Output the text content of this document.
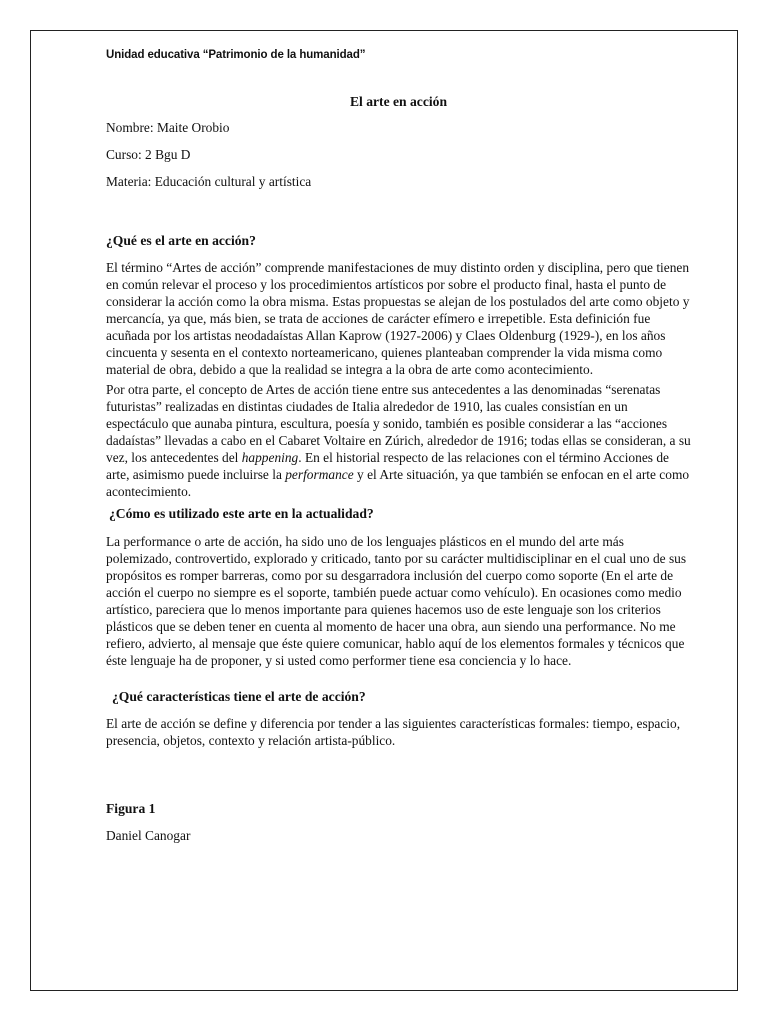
Unidad educativa “Patrimonio de la humanidad”

El arte en acción

Nombre: Maite Orobio

Curso: 2 Bgu D

Materia: Educación cultural y artística

¿Qué es el arte en acción?

El término “Artes de acción” comprende manifestaciones de muy distinto orden y disciplina, pero que tienen en común relevar el proceso y los procedimientos artísticos por sobre el producto final, hasta el punto de considerar la acción como la obra misma. Estas propuestas se alejan de los postulados del arte como objeto y mercancía, ya que, más bien, se trata de acciones de carácter efímero e irrepetible. Esta definición fue acuñada por los artistas neodadaístas Allan Kaprow (1927-2006) y Claes Oldenburg (1929-), en los años cincuenta y sesenta en el contexto norteamericano, quienes planteaban comprender la vida misma como material de obra, debido a que la realidad se integra a la obra de arte como acontecimiento.

Por otra parte, el concepto de Artes de acción tiene entre sus antecedentes a las denominadas “serenatas futuristas” realizadas en distintas ciudades de Italia alrededor de 1910, las cuales consistían en un espectáculo que aunaba pintura, escultura, poesía y sonido, también es posible considerar a las “acciones dadaístas” llevadas a cabo en el Cabaret Voltaire en Zúrich, alrededor de 1916; todas ellas se consideran, a su vez, los antecedentes del happening. En el historial respecto de las relaciones con el término Acciones de arte, asimismo puede incluirse la performance y el Arte situación, ya que también se enfocan en el arte como acontecimiento.

¿Cómo es utilizado este arte en la actualidad?

La performance o arte de acción, ha sido uno de los lenguajes plásticos en el mundo del arte más polemizado, controvertido, explorado y criticado, tanto por su carácter multidisciplinar en el cual uno de sus propósitos es romper barreras, como por su desgarradora inclusión del cuerpo como soporte (En el arte de acción el cuerpo no siempre es el soporte, también puede actuar como vehículo). En ocasiones como medio artístico, pareciera que lo menos importante para quienes hacemos uso de este lenguaje son los criterios plásticos que se deben tener en cuenta al momento de hacer una obra, aun siendo una performance. No me refiero, advierto, al mensaje que éste quiere comunicar, hablo aquí de los elementos formales y técnicos que éste lenguaje ha de proponer, y si usted como performer tiene esa conciencia y lo hace.

¿Qué características tiene el arte de acción?

El arte de acción se define y diferencia por tender a las siguientes características formales: tiempo, espacio, presencia, objetos, contexto y relación artista-público.

Figura 1

Daniel Canogar
